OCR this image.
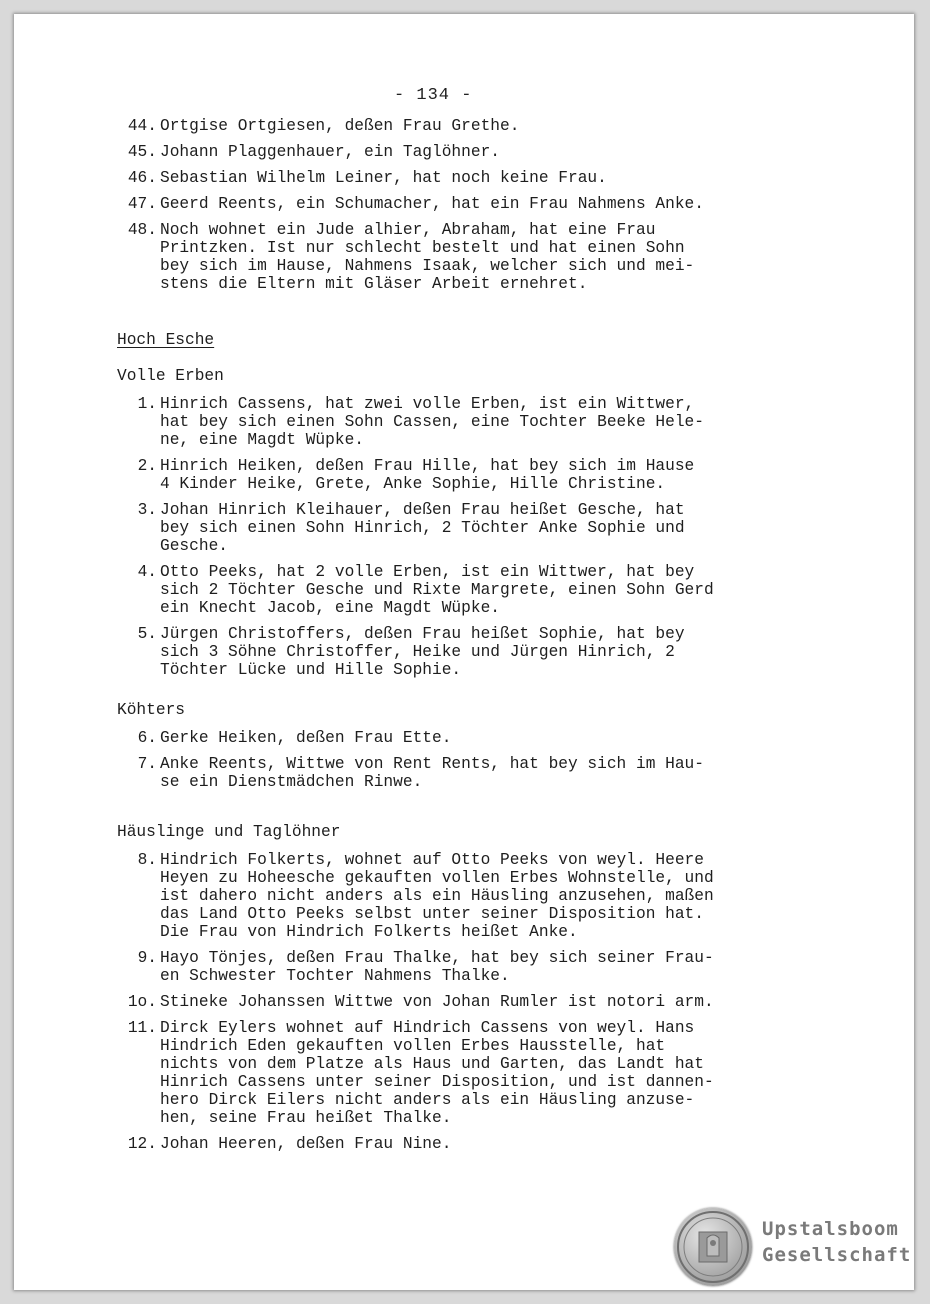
- 134 -
44. Ortgise Ortgiesen, deßen Frau Grethe.
45. Johann Plaggenhauer, ein Taglöhner.
46. Sebastian Wilhelm Leiner, hat noch keine Frau.
47. Geerd Reents, ein Schumacher, hat ein Frau Nahmens Anke.
48. Noch wohnet ein Jude alhier, Abraham, hat eine Frau
Printzken. Ist nur schlecht bestelt und hat einen Sohn
bey sich im Hause, Nahmens Isaak, welcher sich und mei-
stens die Eltern mit Gläser Arbeit ernehret.
Hoch Esche
Volle Erben
1. Hinrich Cassens, hat zwei volle Erben, ist ein Wittwer,
hat bey sich einen Sohn Cassen, eine Tochter Beeke Hele-
ne, eine Magdt Wüpke.
2. Hinrich Heiken, deßen Frau Hille, hat bey sich im Hause
4 Kinder Heike, Grete, Anke Sophie, Hille Christine.
3. Johan Hinrich Kleihauer, deßen Frau heißet Gesche, hat
bey sich einen Sohn Hinrich, 2 Töchter Anke Sophie und
Gesche.
4. Otto Peeks, hat 2 volle Erben, ist ein Wittwer, hat bey
sich 2 Töchter Gesche und Rixte Margrete, einen Sohn Gerd
ein Knecht Jacob, eine Magdt Wüpke.
5. Jürgen Christoffers, deßen Frau heißet Sophie, hat bey
sich 3 Söhne Christoffer, Heike und Jürgen Hinrich, 2
Töchter Lücke und Hille Sophie.
Köhters
6. Gerke Heiken, deßen Frau Ette.
7. Anke Reents, Wittwe von Rent Rents, hat bey sich im Hau-
se ein Dienstmädchen Rinwe.
Häuslinge und Taglöhner
8. Hindrich Folkerts, wohnet auf Otto Peeks von weyl. Heere
Heyen zu Hoheesche gekauften vollen Erbes Wohnstelle, und
ist dahero nicht anders als ein Häusling anzusehen, maßen
das Land Otto Peeks selbst unter seiner Disposition hat.
Die Frau von Hindrich Folkerts heißet Anke.
9. Hayo Tönjes, deßen Frau Thalke, hat bey sich seiner Frau-
en Schwester Tochter Nahmens Thalke.
1o. Stineke Johanssen Wittwe von Johan Rumler ist notori arm.
11. Dirck Eylers wohnet auf Hindrich Cassens von weyl. Hans
Hindrich Eden gekauften vollen Erbes Hausstelle, hat
nichts von dem Platze als Haus und Garten, das Landt hat
Hinrich Cassens unter seiner Disposition, und ist dannen-
hero Dirck Eilers nicht anders als ein Häusling anzuse-
hen, seine Frau heißet Thalke.
12. Johan Heeren, deßen Frau Nine.
Upstalsboom
Gesellschaft
